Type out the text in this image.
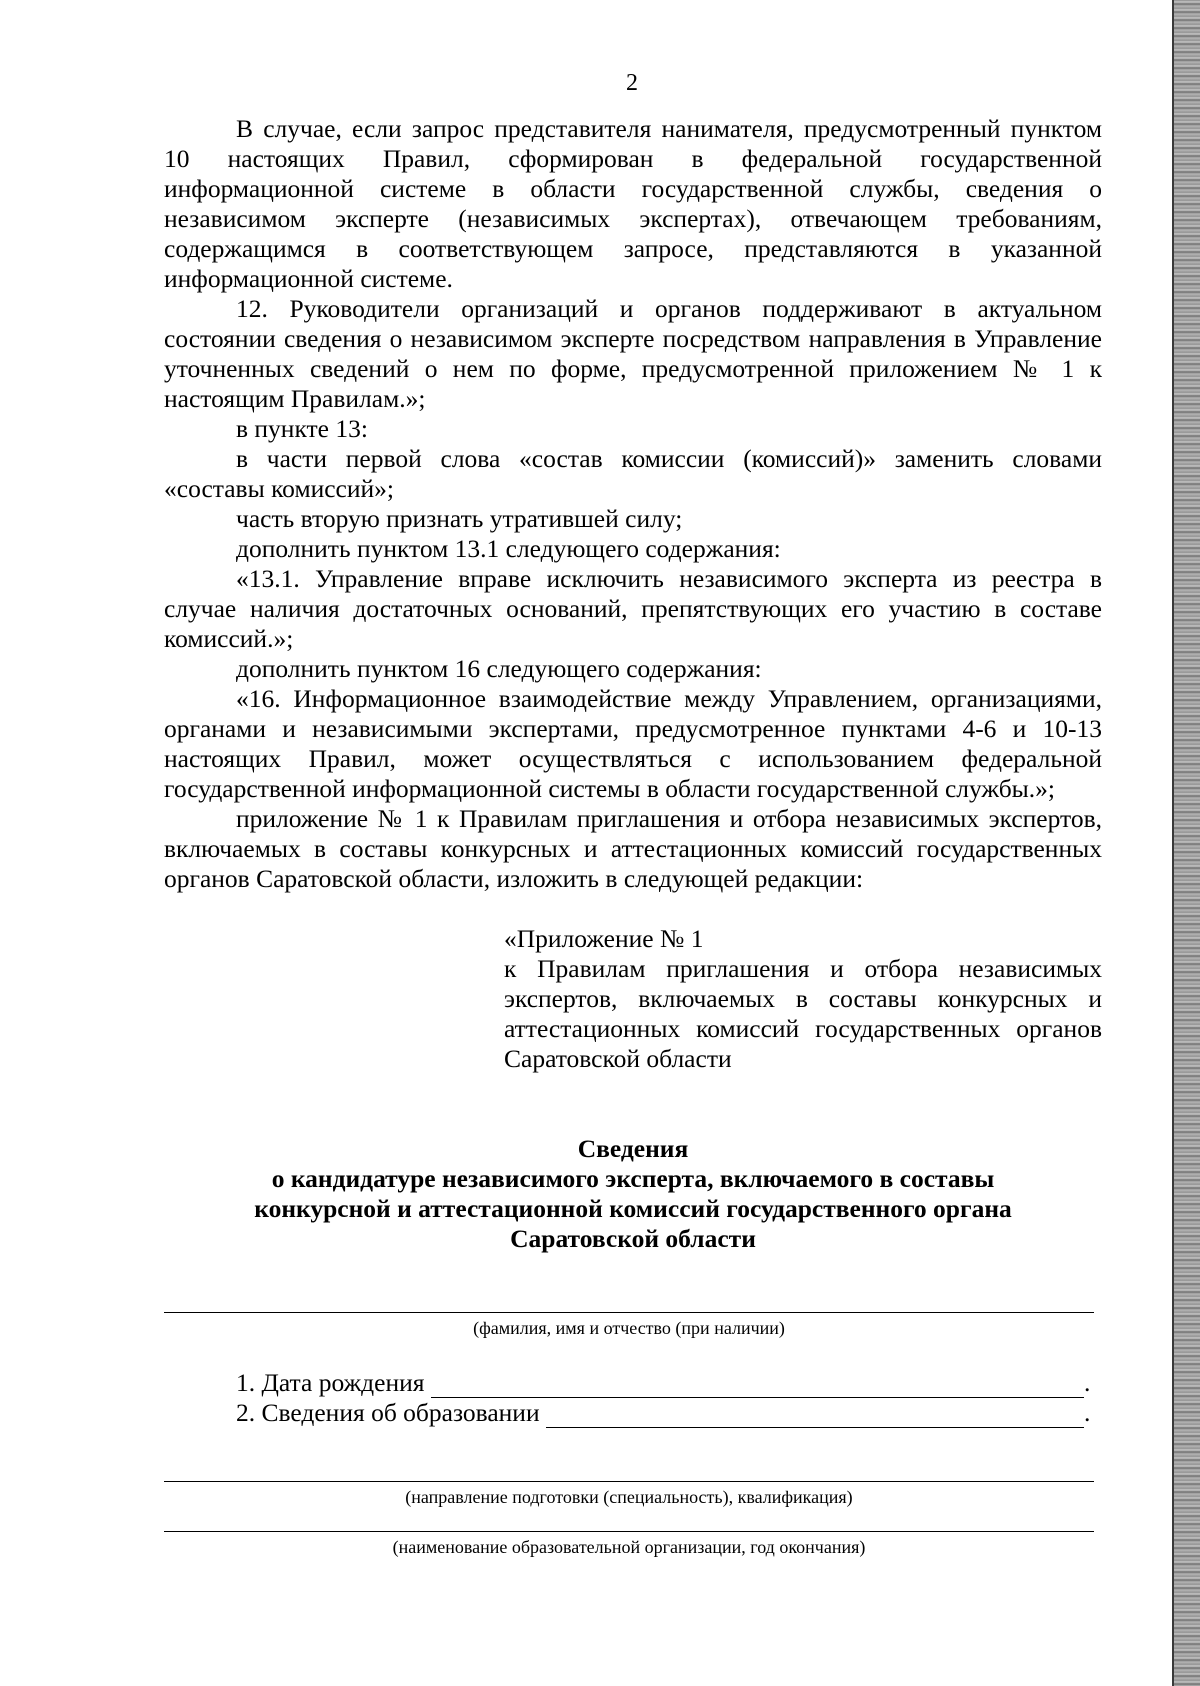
2

В случае, если запрос представителя нанимателя, предусмотренный пунктом 10 настоящих Правил, сформирован в федеральной государственной информационной системе в области государственной службы, сведения о независимом эксперте (независимых экспертах), отвечающем требованиям, содержащимся в соответствующем запросе, представляются в указанной информационной системе.

12. Руководители организаций и органов поддерживают в актуальном состоянии сведения о независимом эксперте посредством направления в Управление уточненных сведений о нем по форме, предусмотренной приложением № 1 к настоящим Правилам.»;

в пункте 13:

в части первой слова «состав комиссии (комиссий)» заменить словами «составы комиссий»;

часть вторую признать утратившей силу;

дополнить пунктом 13.1 следующего содержания:

«13.1. Управление вправе исключить независимого эксперта из реестра в случае наличия достаточных оснований, препятствующих его участию в составе комиссий.»;

дополнить пунктом 16 следующего содержания:

«16. Информационное взаимодействие между Управлением, организациями, органами и независимыми экспертами, предусмотренное пунктами 4-6 и 10-13 настоящих Правил, может осуществляться с использованием федеральной государственной информационной системы в области государственной службы.»;

приложение № 1 к Правилам приглашения и отбора независимых экспертов, включаемых в составы конкурсных и аттестационных комиссий государственных органов Саратовской области, изложить в следующей редакции:

«Приложение № 1

к Правилам приглашения и отбора независимых экспертов, включаемых в составы конкурсных и аттестационных комиссий государственных органов Саратовской области

Сведения
о кандидатуре независимого эксперта, включаемого в составы
конкурсной и аттестационной комиссий государственного органа
Саратовской области
(фамилия, имя и отчество (при наличии)
1. Дата рождения	.
2. Сведения об образовании	.
(направление подготовки (специальность), квалификация)
(наименование образовательной организации, год окончания)
